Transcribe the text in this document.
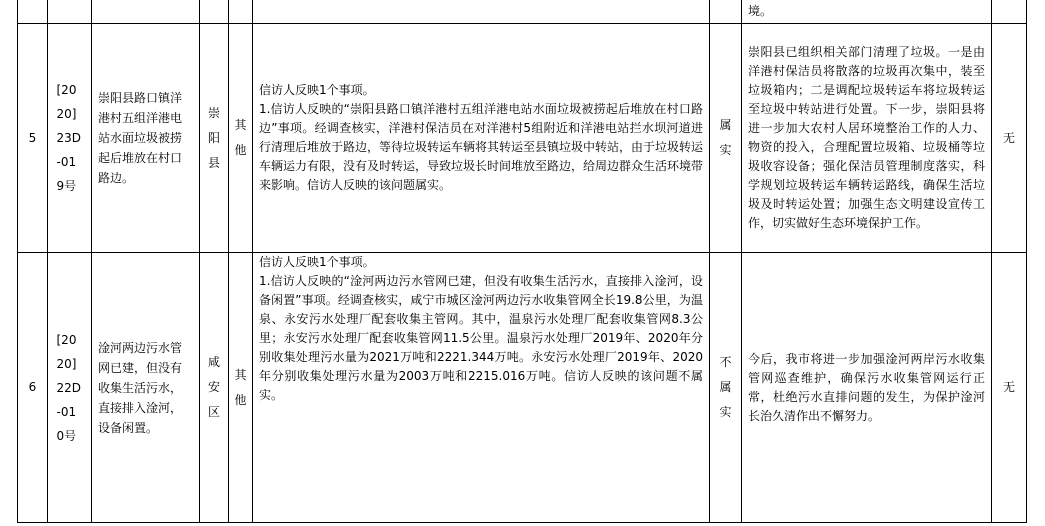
							境。	
5	[2020]23D-019号	崇阳县路口镇洋港村五组洋港电站水面垃圾被捞起后堆放在村口路边。	崇阳县	其他	信访人反映1个事项。
1.信访人反映的“崇阳县路口镇洋港村五组洋港电站水面垃圾被捞起后堆放在村口路边”事项。经调查核实，洋港村保洁员在对洋港村5组附近和洋港电站拦水坝河道进行清理后堆放于路边，等待垃圾转运车辆将其转运至县镇垃圾中转站，由于垃圾转运车辆运力有限，没有及时转运，导致垃圾长时间堆放至路边，给周边群众生活环境带来影响。信访人反映的该问题属实。	属实	崇阳县已组织相关部门清理了垃圾。一是由洋港村保洁员将散落的垃圾再次集中，装至垃圾箱内；二是调配垃圾转运车将垃圾转运至垃圾中转站进行处置。下一步，崇阳县将进一步加大农村人居环境整治工作的人力、物资的投入，合理配置垃圾箱、垃圾桶等垃圾收容设备；强化保洁员管理制度落实，科学规划垃圾转运车辆转运路线，确保生活垃圾及时转运处置；加强生态文明建设宣传工作，切实做好生态环境保护工作。	无
6	[2020]22D-010号	淦河两边污水管网已建，但没有收集生活污水，直接排入淦河，设备闲置。	咸安区	其他	信访人反映1个事项。
1.信访人反映的“淦河两边污水管网已建，但没有收集生活污水，直接排入淦河，设备闲置”事项。经调查核实，咸宁市城区淦河两边污水收集管网全长19.8公里，为温泉、永安污水处理厂配套收集主管网。其中，温泉污水处理厂配套收集管网8.3公里；永安污水处理厂配套收集管网11.5公里。温泉污水处理厂2019年、2020年分别收集处理污水量为2021万吨和2221.344万吨。永安污水处理厂2019年、2020年分别收集处理污水量为2003万吨和2215.016万吨。信访人反映的该问题不属实。	不属实	今后，我市将进一步加强淦河两岸污水收集管网巡查维护，确保污水收集管网运行正常，杜绝污水直排问题的发生，为保护淦河长治久清作出不懈努力。	无
